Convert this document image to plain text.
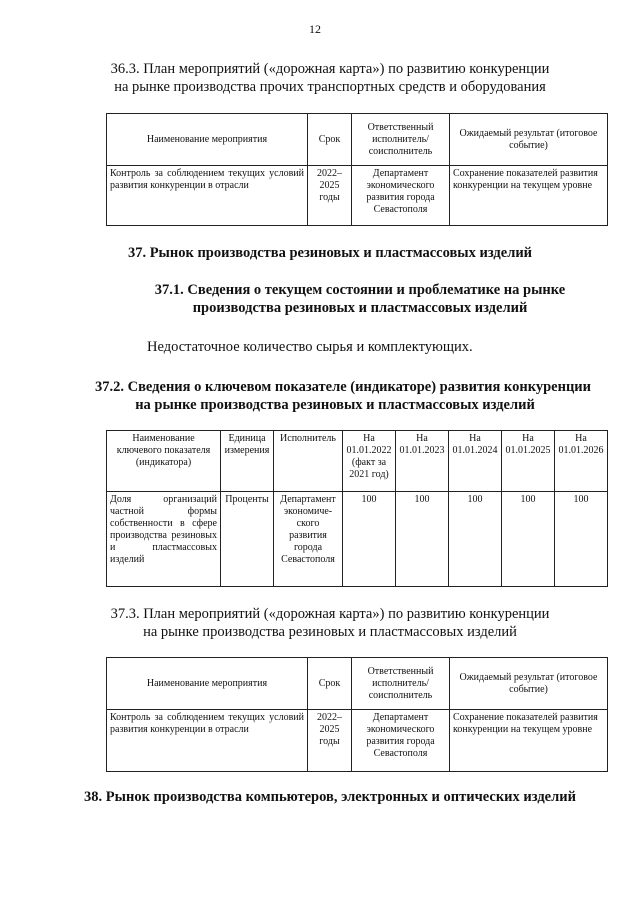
12
36.3. План мероприятий («дорожная карта») по развитию конкуренции
на рынке производства прочих транспортных средств и оборудования
Наименование мероприятия	Срок	Ответственный исполнитель/ соисполнитель	Ожидаемый результат (итоговое событие)
Контроль за соблюдением текущих условий развития конкуренции в отрасли	2022–2025 годы	Департамент экономического развития города Севастополя	Сохранение показателей развития конкуренции на текущем уровне
37. Рынок производства резиновых и пластмассовых изделий
37.1. Сведения о текущем состоянии и проблематике на рынке
производства резиновых и пластмассовых изделий
Недостаточное количество сырья и комплектующих.
37.2. Сведения о ключевом показателе (индикаторе) развития конкуренции
на рынке производства резиновых и пластмассовых изделий
Наименование ключевого показателя (индикатора)	Единица измерения	Исполнитель	На 01.01.2022 (факт за 2021 год)	На 01.01.2023	На 01.01.2024	На 01.01.2025	На 01.01.2026
Доля организаций частной формы собственности в сфере производства резиновых и пластмассовых изделий	Проценты	Департамент экономиче-ского развития города Севастополя	100	100	100	100	100
37.3. План мероприятий («дорожная карта») по развитию конкуренции
на рынке производства резиновых и пластмассовых изделий
Наименование мероприятия	Срок	Ответственный исполнитель/ соисполнитель	Ожидаемый результат (итоговое событие)
Контроль за соблюдением текущих условий развития конкуренции в отрасли	2022–2025 годы	Департамент экономического развития города Севастополя	Сохранение показателей развития конкуренции на текущем уровне
38. Рынок производства компьютеров, электронных и оптических изделий
